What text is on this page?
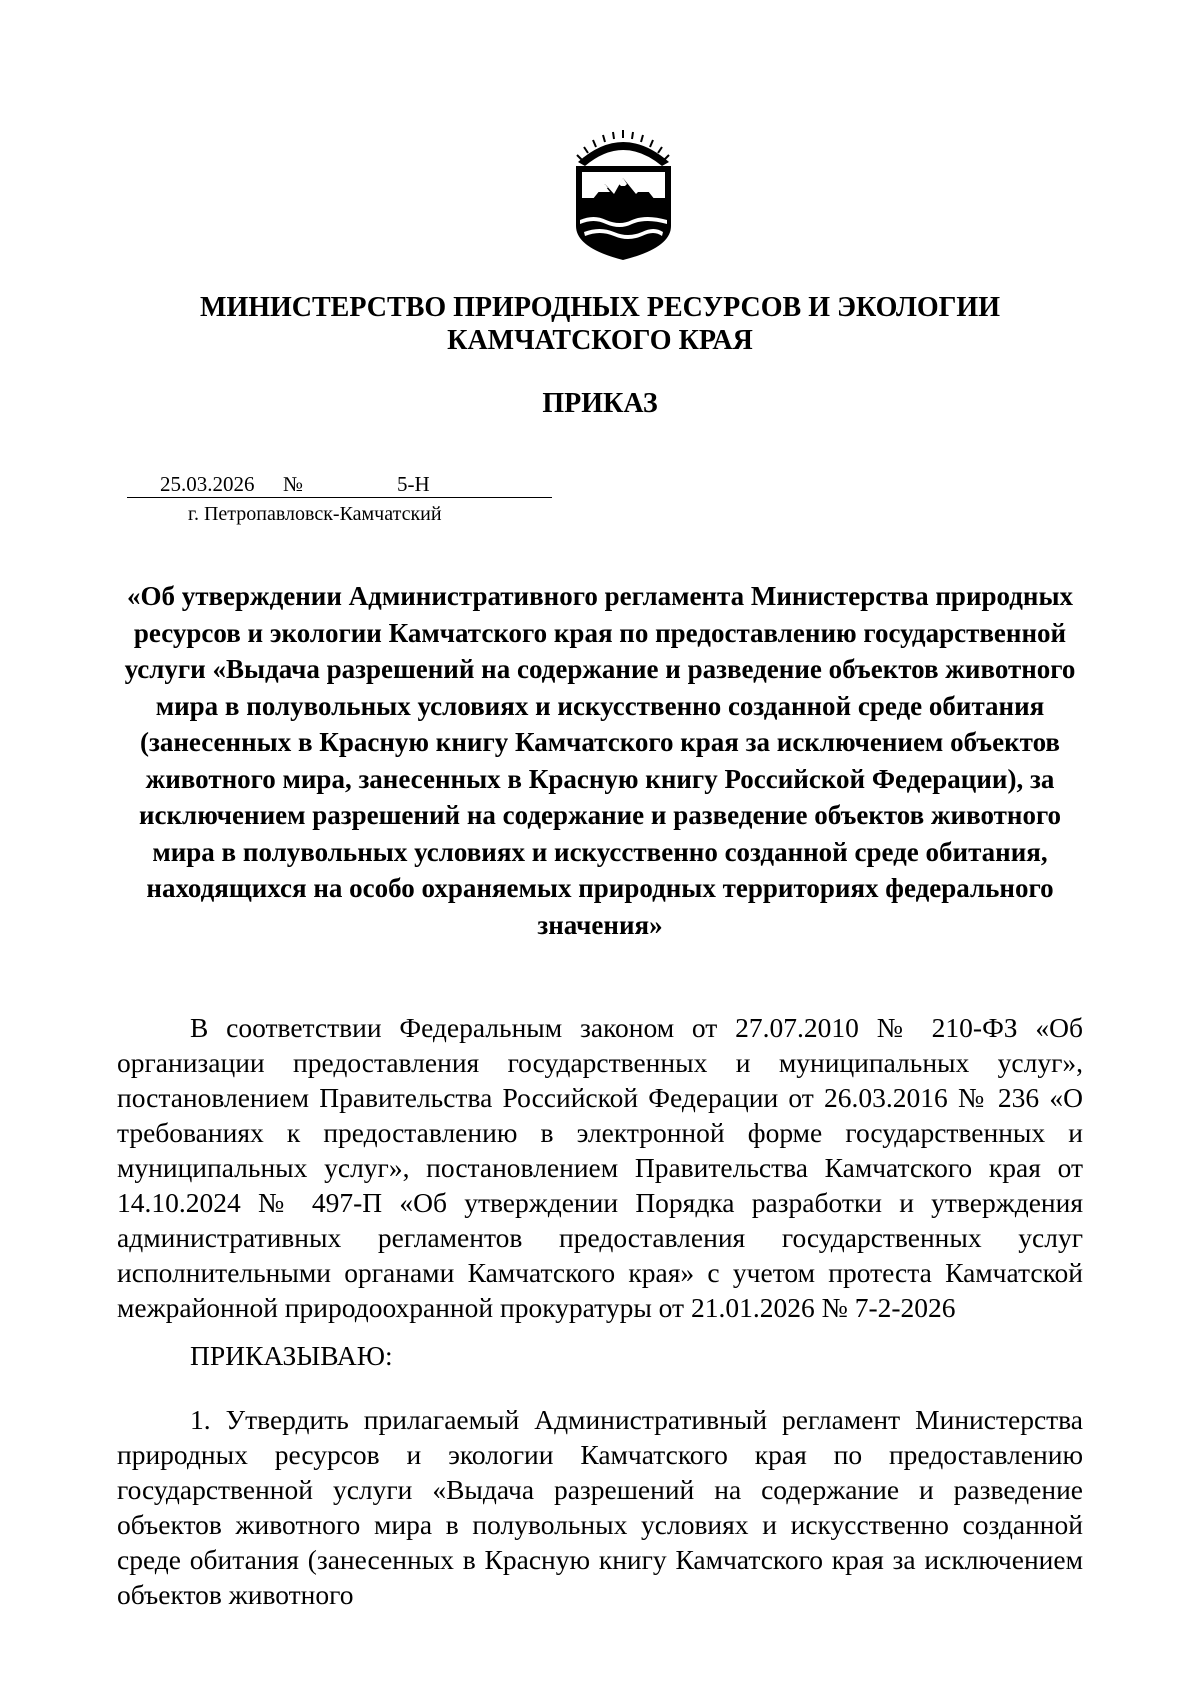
МИНИСТЕРСТВО ПРИРОДНЫХ РЕСУРСОВ И ЭКОЛОГИИ
КАМЧАТСКОГО КРАЯ
ПРИКАЗ
25.03.2026 №	5-Н
г. Петропавловск-Камчатский
«Об утверждении Административного регламента Министерства природных ресурсов и экологии Камчатского края по предоставлению государственной услуги «Выдача разрешений на содержание и разведение объектов животного мира в полувольных условиях и искусственно созданной среде обитания (занесенных в Красную книгу Камчатского края за исключением объектов животного мира, занесенных в Красную книгу Российской Федерации), за исключением разрешений на содержание и разведение объектов животного мира в полувольных условиях и искусственно созданной среде обитания, находящихся на особо охраняемых природных территориях федерального значения»
В соответствии Федеральным законом от 27.07.2010 № 210-ФЗ «Об организации предоставления государственных и муниципальных услуг», постановлением Правительства Российской Федерации от 26.03.2016 № 236 «О требованиях к предоставлению в электронной форме государственных и муниципальных услуг», постановлением Правительства Камчатского края от 14.10.2024 № 497-П «Об утверждении Порядка разработки и утверждения административных регламентов предоставления государственных услуг исполнительными органами Камчатского края» с учетом протеста Камчатской межрайонной природоохранной прокуратуры от 21.01.2026 № 7-2-2026
ПРИКАЗЫВАЮ:
1. Утвердить прилагаемый Административный регламент Министерства природных ресурсов и экологии Камчатского края по предоставлению государственной услуги «Выдача разрешений на содержание и разведение объектов животного мира в полувольных условиях и искусственно созданной среде обитания (занесенных в Красную книгу Камчатского края за исключением объектов животного
